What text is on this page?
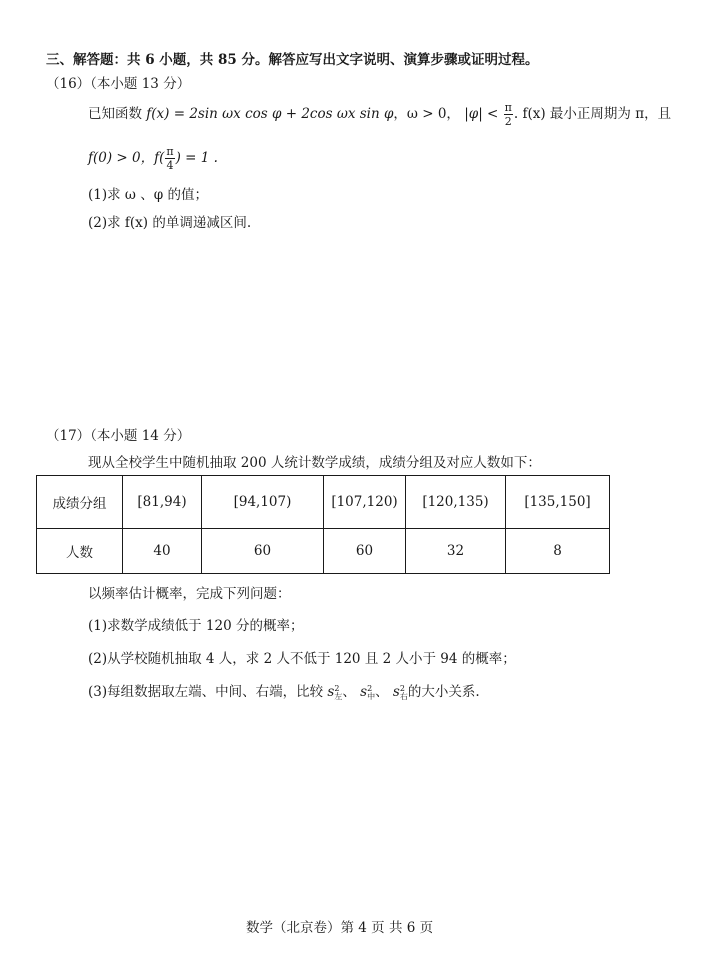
三、解答题：共 6 小题，共 85 分。解答应写出文字说明、演算步骤或证明过程。
（16）（本小题 13 分）
已知函数 f(x) = 2sin ωx cos φ + 2cos ωx sin φ，ω > 0， $|\varphi| < \frac{\pi}{2}$ . f(x) 最小正周期为 π，且
f(0) > 0，$f( \frac{\pi}{4}$ ) = 1 .
(1)求 ω 、φ 的值；
(2)求 f(x) 的单调递减区间.
（17）（本小题 14 分）
现从全校学生中随机抽取 200 人统计数学成绩，成绩分组及对应人数如下：
成绩分组	[81,94)	[94,107)	[107,120)	[120,135)	[135,150]
人数	40	60	60	32	8
以频率估计概率，完成下列问题：
(1)求数学成绩低于 120 分的概率；
(2)从学校随机抽取 4 人，求 2 人不低于 120 且 2 人小于 94 的概率；
(3)每组数据取左端、中间、右端，比较 s 2
左 、 s 2
中 、 s 2
右 的大小关系.
数学（北京卷）第 4 页 共 6 页
